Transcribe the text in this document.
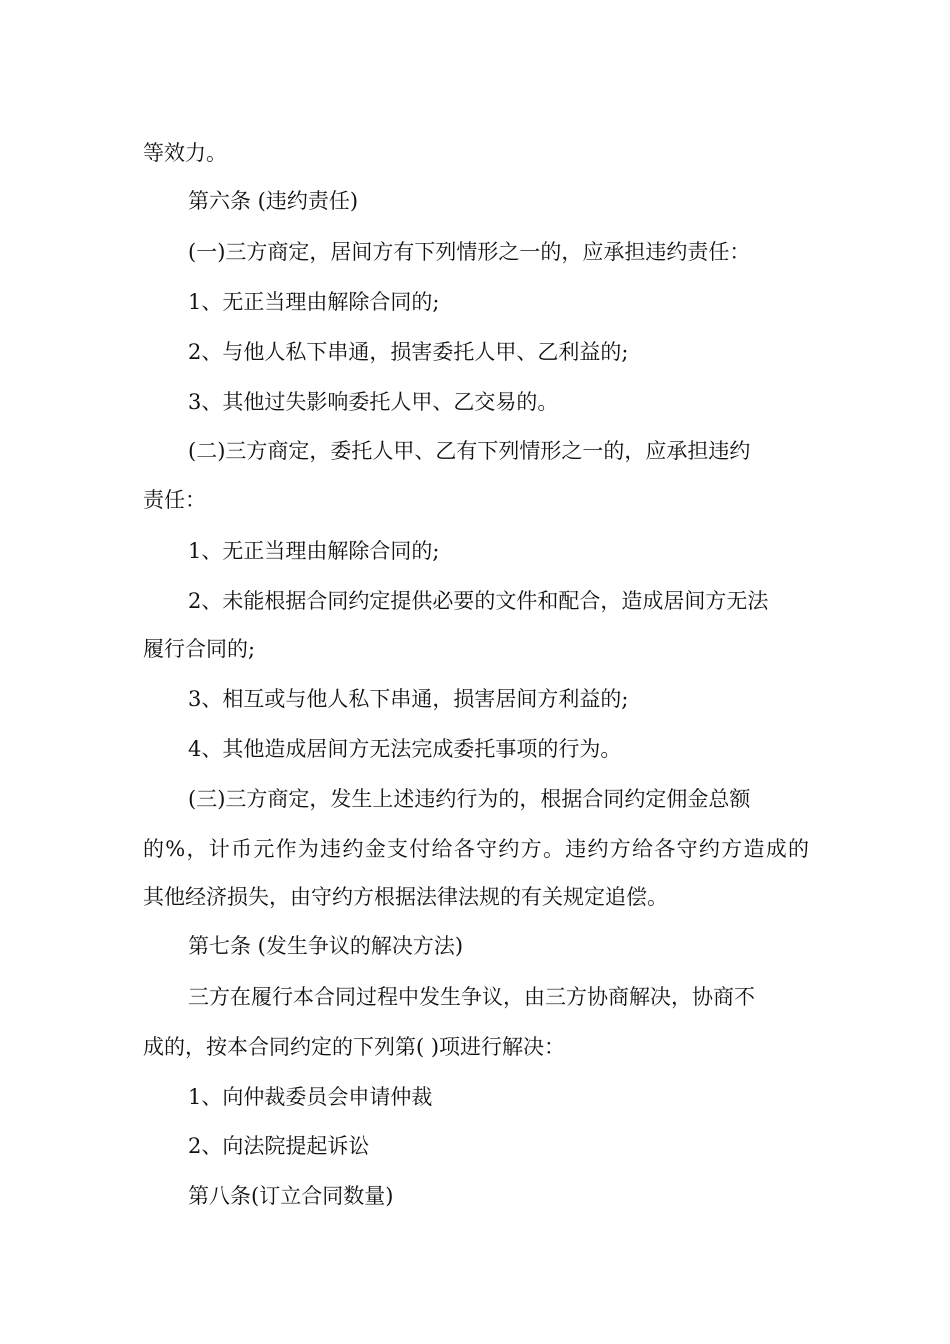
等效力。
第六条 (违约责任)
(一)三方商定，居间方有下列情形之一的，应承担违约责任：
1、无正当理由解除合同的;
2、与他人私下串通，损害委托人甲、乙利益的;
3、其他过失影响委托人甲、乙交易的。
(二)三方商定，委托人甲、乙有下列情形之一的，应承担违约
责任：
1、无正当理由解除合同的;
2、未能根据合同约定提供必要的文件和配合，造成居间方无法
履行合同的;
3、相互或与他人私下串通，损害居间方利益的;
4、其他造成居间方无法完成委托事项的行为。
(三)三方商定，发生上述违约行为的，根据合同约定佣金总额
的%，计币元作为违约金支付给各守约方。违约方给各守约方造成的
其他经济损失，由守约方根据法律法规的有关规定追偿。
第七条 (发生争议的解决方法)
三方在履行本合同过程中发生争议，由三方协商解决，协商不
成的，按本合同约定的下列第( )项进行解决：
1、向仲裁委员会申请仲裁
2、向法院提起诉讼
第八条(订立合同数量)
